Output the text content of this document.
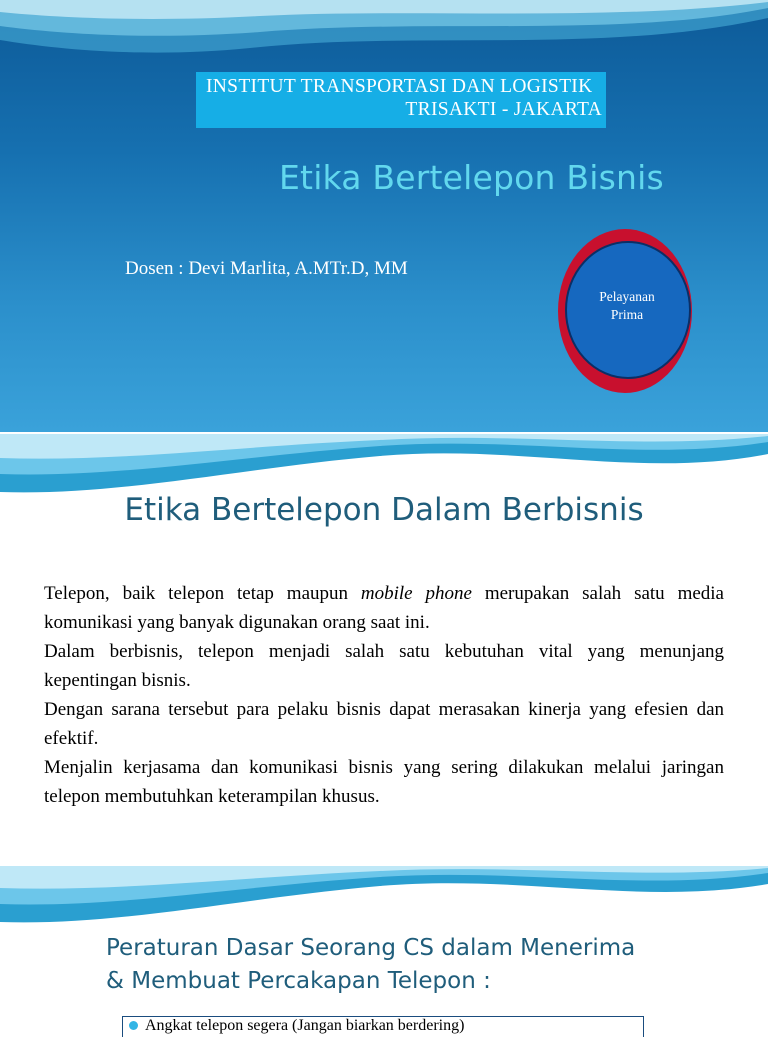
INSTITUT TRANSPORTASI DAN LOGISTIK
TRISAKTI - JAKARTA
Etika Bertelepon Bisnis
Dosen : Devi Marlita, A.MTr.D, MM
Pelayanan
Prima
Etika Bertelepon Dalam Berbisnis

Telepon, baik telepon tetap maupun mobile phone merupakan salah satu media komunikasi yang banyak digunakan orang saat ini.

Dalam berbisnis, telepon menjadi salah satu kebutuhan vital yang menunjang kepentingan bisnis.

Dengan sarana tersebut para pelaku bisnis dapat merasakan kinerja yang efesien dan efektif.

Menjalin kerjasama dan komunikasi bisnis yang sering dilakukan melalui jaringan telepon membutuhkan keterampilan khusus.

Peraturan Dasar Seorang CS dalam Menerima
& Membuat Percakapan Telepon :
Angkat telepon segera (Jangan biarkan berdering)
